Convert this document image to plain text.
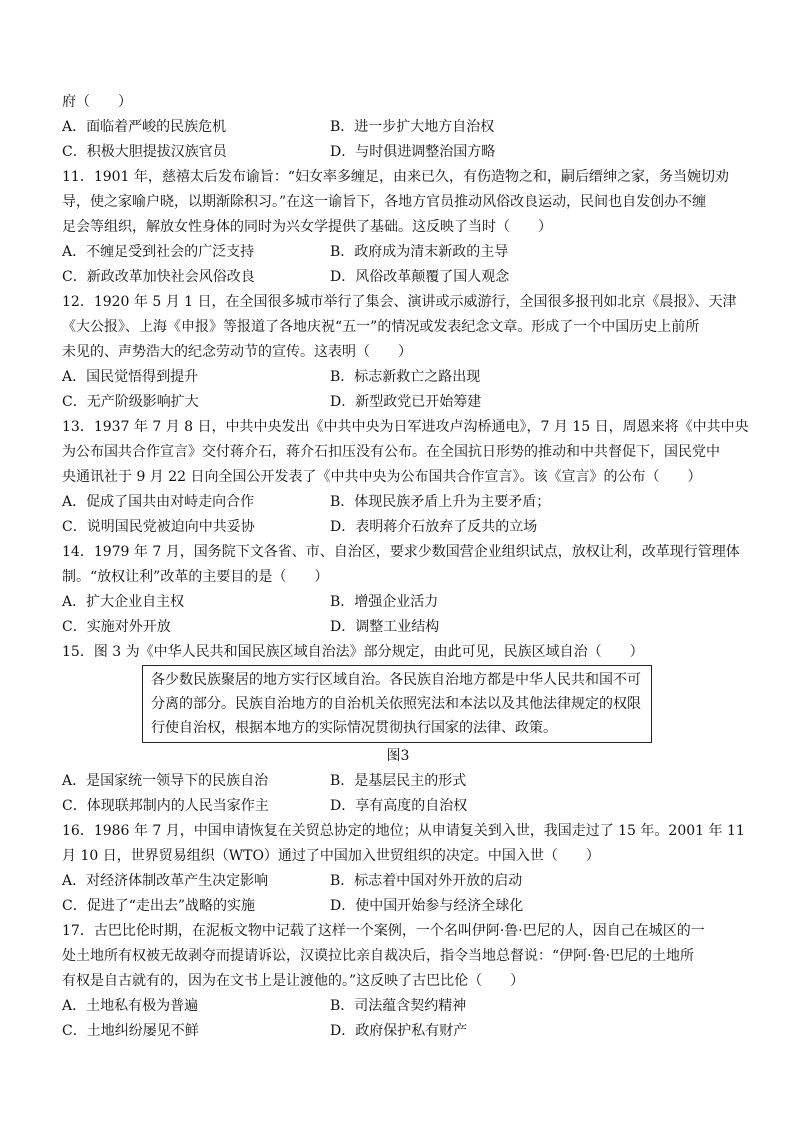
府（　　）
A．面临着严峻的民族危机	B．进一步扩大地方自治权
C．积极大胆提拔汉族官员	D．与时俱进调整治国方略
11．1901 年，慈禧太后发布谕旨：“妇女率多缠足，由来已久，有伤造物之和，嗣后缙绅之家，务当婉切劝
导，使之家喻户晓，以期渐除积习。”在这一谕旨下，各地方官员推动风俗改良运动，民间也自发创办不缠
足会等组织，解放女性身体的同时为兴女学提供了基础。这反映了当时（　　）
A．不缠足受到社会的广泛支持	B．政府成为清末新政的主导
C．新政改革加快社会风俗改良	D．风俗改革颠覆了国人观念
12．1920 年 5 月 1 日，在全国很多城市举行了集会、演讲或示威游行，全国很多报刊如北京《晨报》、天津
《大公报》、上海《申报》等报道了各地庆祝“五一”的情况或发表纪念文章。形成了一个中国历史上前所
未见的、声势浩大的纪念劳动节的宣传。这表明（　　）
A．国民觉悟得到提升	B．标志新救亡之路出现
C．无产阶级影响扩大	D．新型政党已开始筹建
13．1937 年 7 月 8 日，中共中央发出《中共中央为日军进攻卢沟桥通电》，7 月 15 日，周恩来将《中共中央
为公布国共合作宣言》交付蒋介石，蒋介石扣压没有公布。在全国抗日形势的推动和中共督促下，国民党中
央通讯社于 9 月 22 日向全国公开发表了《中共中央为公布国共合作宣言》。该《宣言》的公布（　　）
A．促成了国共由对峙走向合作	B．体现民族矛盾上升为主要矛盾；
C．说明国民党被迫向中共妥协	D．表明蒋介石放弃了反共的立场
14．1979 年 7 月，国务院下文各省、市、自治区，要求少数国营企业组织试点，放权让利，改革现行管理体
制。“放权让利”改革的主要目的是（　　）
A．扩大企业自主权	B．增强企业活力
C．实施对外开放	D．调整工业结构
15．图 3 为《中华人民共和国民族区域自治法》部分规定，由此可见，民族区域自治（　　）
各少数民族聚居的地方实行区域自治。各民族自治地方都是中华人民共和国不可分离的部分。民族自治地方的自治机关依照宪法和本法以及其他法律规定的权限行使自治权，根据本地方的实际情况贯彻执行国家的法律、政策。
图3
A．是国家统一领导下的民族自治	B．是基层民主的形式
C．体现联邦制内的人民当家作主	D．享有高度的自治权
16．1986 年 7 月，中国申请恢复在关贸总协定的地位；从申请复关到入世，我国走过了 15 年。2001 年 11
月 10 日，世界贸易组织（WTO）通过了中国加入世贸组织的决定。中国入世（　　）
A．对经济体制改革产生决定影响	B．标志着中国对外开放的启动
C．促进了“走出去”战略的实施	D．使中国开始参与经济全球化
17．古巴比伦时期，在泥板文物中记载了这样一个案例，一个名叫伊阿·鲁·巴尼的人，因自己在城区的一
处土地所有权被无故剥夺而提请诉讼，汉谟拉比亲自裁决后，指令当地总督说：“伊阿·鲁·巴尼的土地所
有权是自古就有的，因为在文书上是让渡他的。”这反映了古巴比伦（　　）
A．土地私有极为普遍	B．司法蕴含契约精神
C．土地纠纷屡见不鲜	D．政府保护私有财产
